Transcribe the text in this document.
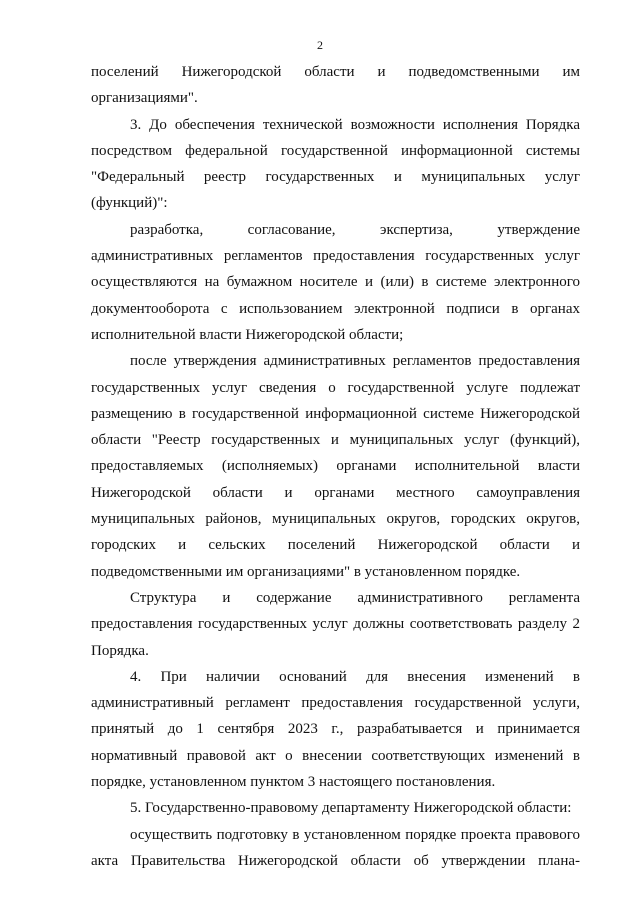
2

поселений Нижегородской области и подведомственными им организациями".

3. До обеспечения технической возможности исполнения Порядка посредством федеральной государственной информационной системы "Федеральный реестр государственных и муниципальных услуг (функций)":

разработка, согласование, экспертиза, утверждение административных регламентов предоставления государственных услуг осуществляются на бумажном носителе и (или) в системе электронного документооборота с использованием электронной подписи в органах исполнительной власти Нижегородской области;

после утверждения административных регламентов предоставления государственных услуг сведения о государственной услуге подлежат размещению в государственной информационной системе Нижегородской области "Реестр государственных и муниципальных услуг (функций), предоставляемых (исполняемых) органами исполнительной власти Нижегородской области и органами местного самоуправления муниципальных районов, муниципальных округов, городских округов, городских и сельских поселений Нижегородской области и подведомственными им организациями" в установленном порядке.

Структура и содержание административного регламента предоставления государственных услуг должны соответствовать разделу 2 Порядка.

4. При наличии оснований для внесения изменений в административный регламент предоставления государственной услуги, принятый до 1 сентября 2023 г., разрабатывается и принимается нормативный правовой акт о внесении соответствующих изменений в порядке, установленном пунктом 3 настоящего постановления.

5. Государственно-правовому департаменту Нижегородской области:

осуществить подготовку в установленном порядке проекта правового акта Правительства Нижегородской области об утверждении плана-
